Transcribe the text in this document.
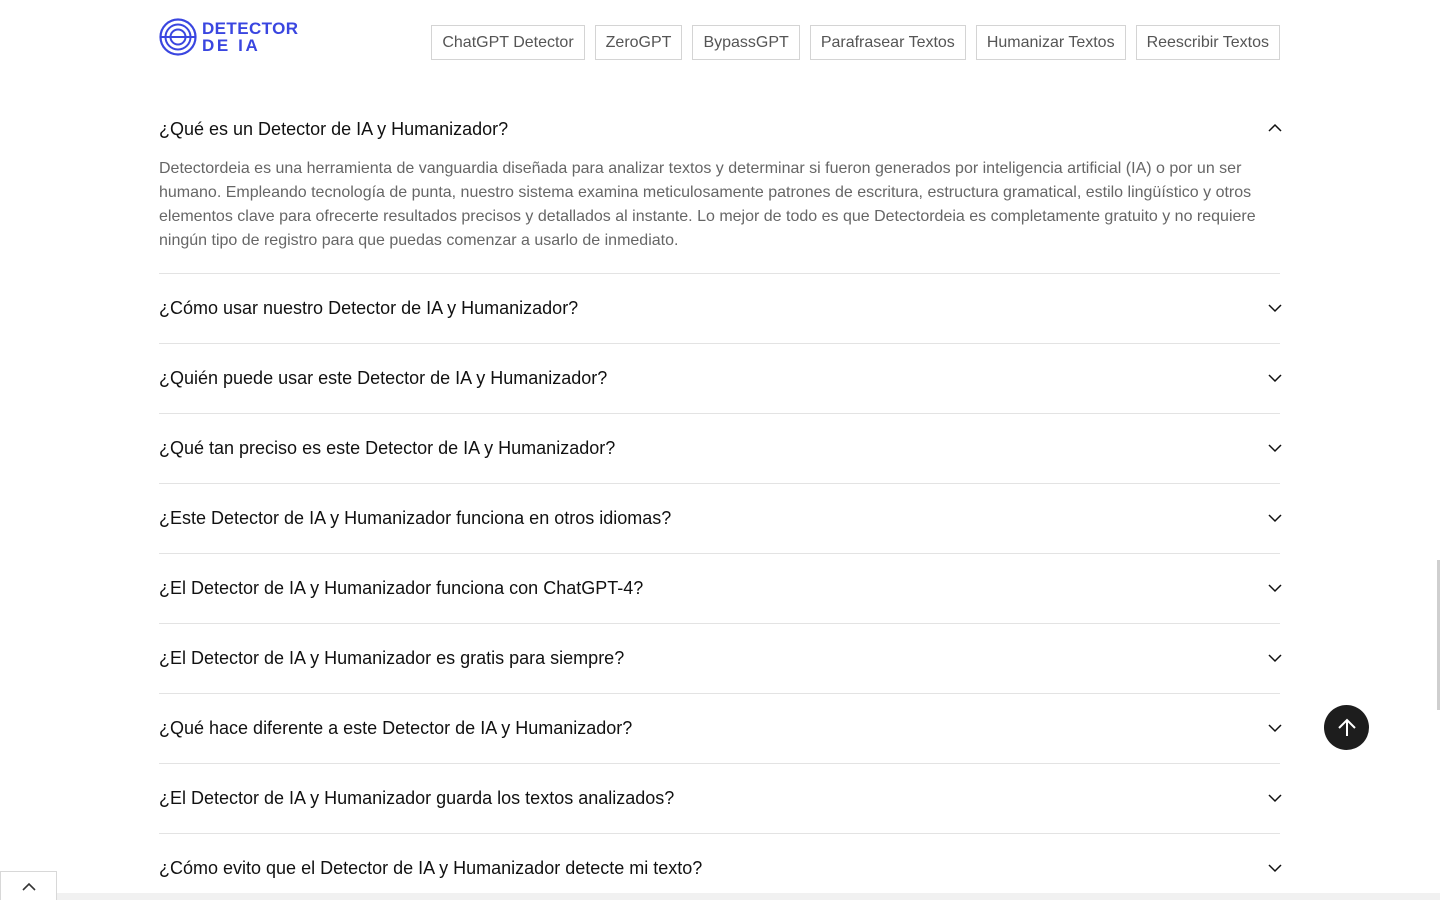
DETECTOR
DE IA	ChatGPT Detector	ZeroGPT	BypassGPT	Parafrasear Textos	Humanizar Textos	Reescribir Textos
¿Qué es un Detector de IA y Humanizador?

Detectordeia es una herramienta de vanguardia diseñada para analizar textos y determinar si fueron generados por inteligencia artificial (IA) o por un ser humano. Empleando tecnología de punta, nuestro sistema examina meticulosamente patrones de escritura, estructura gramatical, estilo lingüístico y otros elementos clave para ofrecerte resultados precisos y detallados al instante. Lo mejor de todo es que Detectordeia es completamente gratuito y no requiere ningún tipo de registro para que puedas comenzar a usarlo de inmediato.

¿Cómo usar nuestro Detector de IA y Humanizador?
¿Quién puede usar este Detector de IA y Humanizador?
¿Qué tan preciso es este Detector de IA y Humanizador?
¿Este Detector de IA y Humanizador funciona en otros idiomas?
¿El Detector de IA y Humanizador funciona con ChatGPT-4?
¿El Detector de IA y Humanizador es gratis para siempre?
¿Qué hace diferente a este Detector de IA y Humanizador?
¿El Detector de IA y Humanizador guarda los textos analizados?
¿Cómo evito que el Detector de IA y Humanizador detecte mi texto?
